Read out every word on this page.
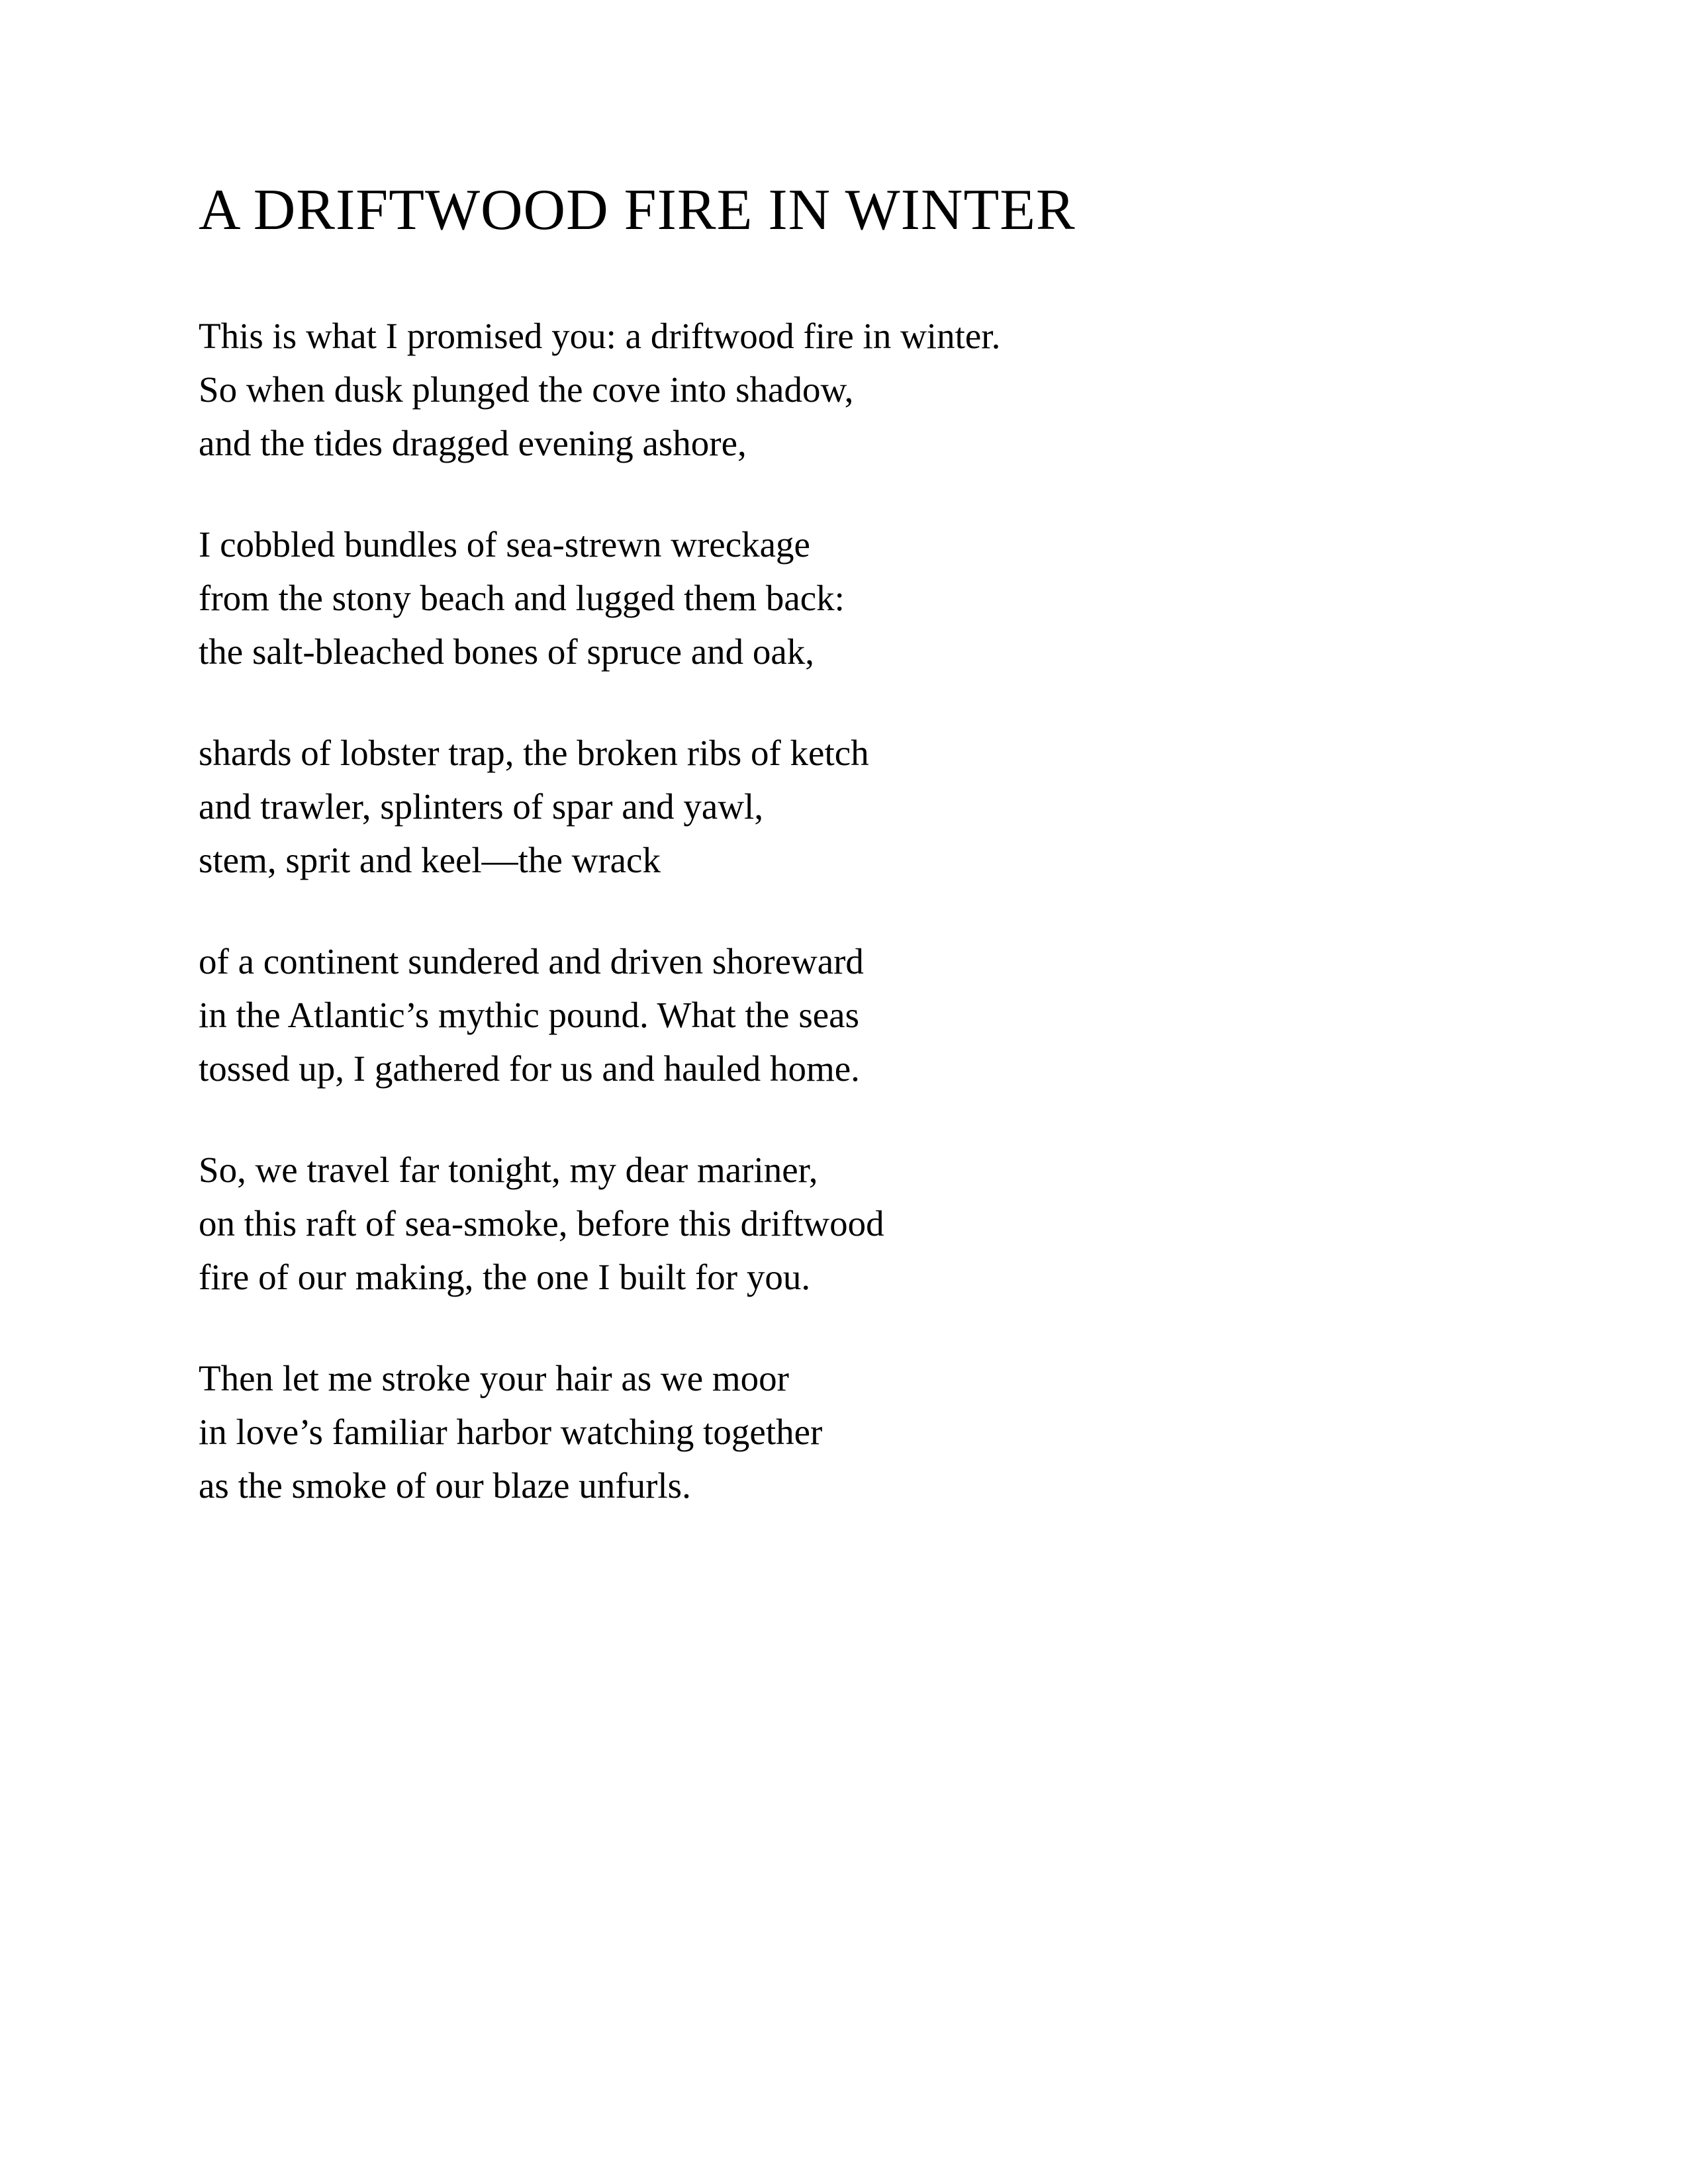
A DRIFTWOOD FIRE IN WINTER
This is what I promised you: a driftwood fire in winter.
So when dusk plunged the cove into shadow,
and the tides dragged evening ashore,
I cobbled bundles of sea-strewn wreckage
from the stony beach and lugged them back:
the salt-bleached bones of spruce and oak,
shards of lobster trap, the broken ribs of ketch
and trawler, splinters of spar and yawl,
stem, sprit and keel—the wrack
of a continent sundered and driven shoreward
in the Atlantic’s mythic pound. What the seas
tossed up, I gathered for us and hauled home.
So, we travel far tonight, my dear mariner,
on this raft of sea-smoke, before this driftwood
fire of our making, the one I built for you.
Then let me stroke your hair as we moor
in love’s familiar harbor watching together
as the smoke of our blaze unfurls.
